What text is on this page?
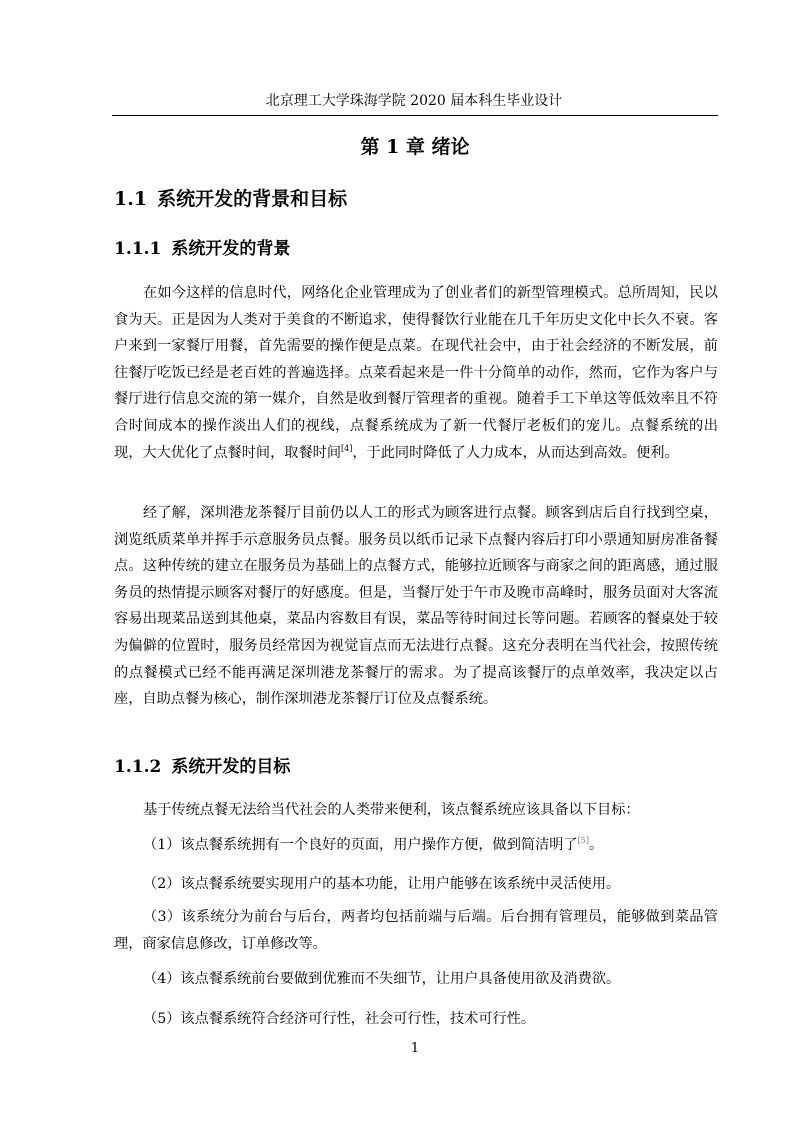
北京理工大学珠海学院 2020 届本科生毕业设计
第 1 章 绪论
1.1 系统开发的背景和目标
1.1.1 系统开发的背景

在如今这样的信息时代，网络化企业管理成为了创业者们的新型管理模式。总所周知，民以食为天。正是因为人类对于美食的不断追求，使得餐饮行业能在几千年历史文化中长久不衰。客户来到一家餐厅用餐，首先需要的操作便是点菜。在现代社会中，由于社会经济的不断发展，前往餐厅吃饭已经是老百姓的普遍选择。点菜看起来是一件十分简单的动作，然而，它作为客户与餐厅进行信息交流的第一媒介，自然是收到餐厅管理者的重视。随着手工下单这等低效率且不符合时间成本的操作淡出人们的视线，点餐系统成为了新一代餐厅老板们的宠儿。点餐系统的出现，大大优化了点餐时间，取餐时间[4]，于此同时降低了人力成本，从而达到高效。便利。

经了解，深圳港龙茶餐厅目前仍以人工的形式为顾客进行点餐。顾客到店后自行找到空桌，浏览纸质菜单并挥手示意服务员点餐。服务员以纸币记录下点餐内容后打印小票通知厨房准备餐点。这种传统的建立在服务员为基础上的点餐方式，能够拉近顾客与商家之间的距离感，通过服务员的热情提示顾客对餐厅的好感度。但是，当餐厅处于午市及晚市高峰时，服务员面对大客流容易出现菜品送到其他桌，菜品内容数目有误，菜品等待时间过长等问题。若顾客的餐桌处于较为偏僻的位置时，服务员经常因为视觉盲点而无法进行点餐。这充分表明在当代社会，按照传统的点餐模式已经不能再满足深圳港龙茶餐厅的需求。为了提高该餐厅的点单效率，我决定以占座，自助点餐为核心，制作深圳港龙茶餐厅订位及点餐系统。

1.1.2 系统开发的目标

基于传统点餐无法给当代社会的人类带来便利，该点餐系统应该具备以下目标：

（1）该点餐系统拥有一个良好的页面，用户操作方便，做到简洁明了[5]。

（2）该点餐系统要实现用户的基本功能，让用户能够在该系统中灵活使用。

（3）该系统分为前台与后台，两者均包括前端与后端。后台拥有管理员，能够做到菜品管理，商家信息修改，订单修改等。

（4）该点餐系统前台要做到优雅而不失细节，让用户具备使用欲及消费欲。

（5）该点餐系统符合经济可行性，社会可行性，技术可行性。

1
